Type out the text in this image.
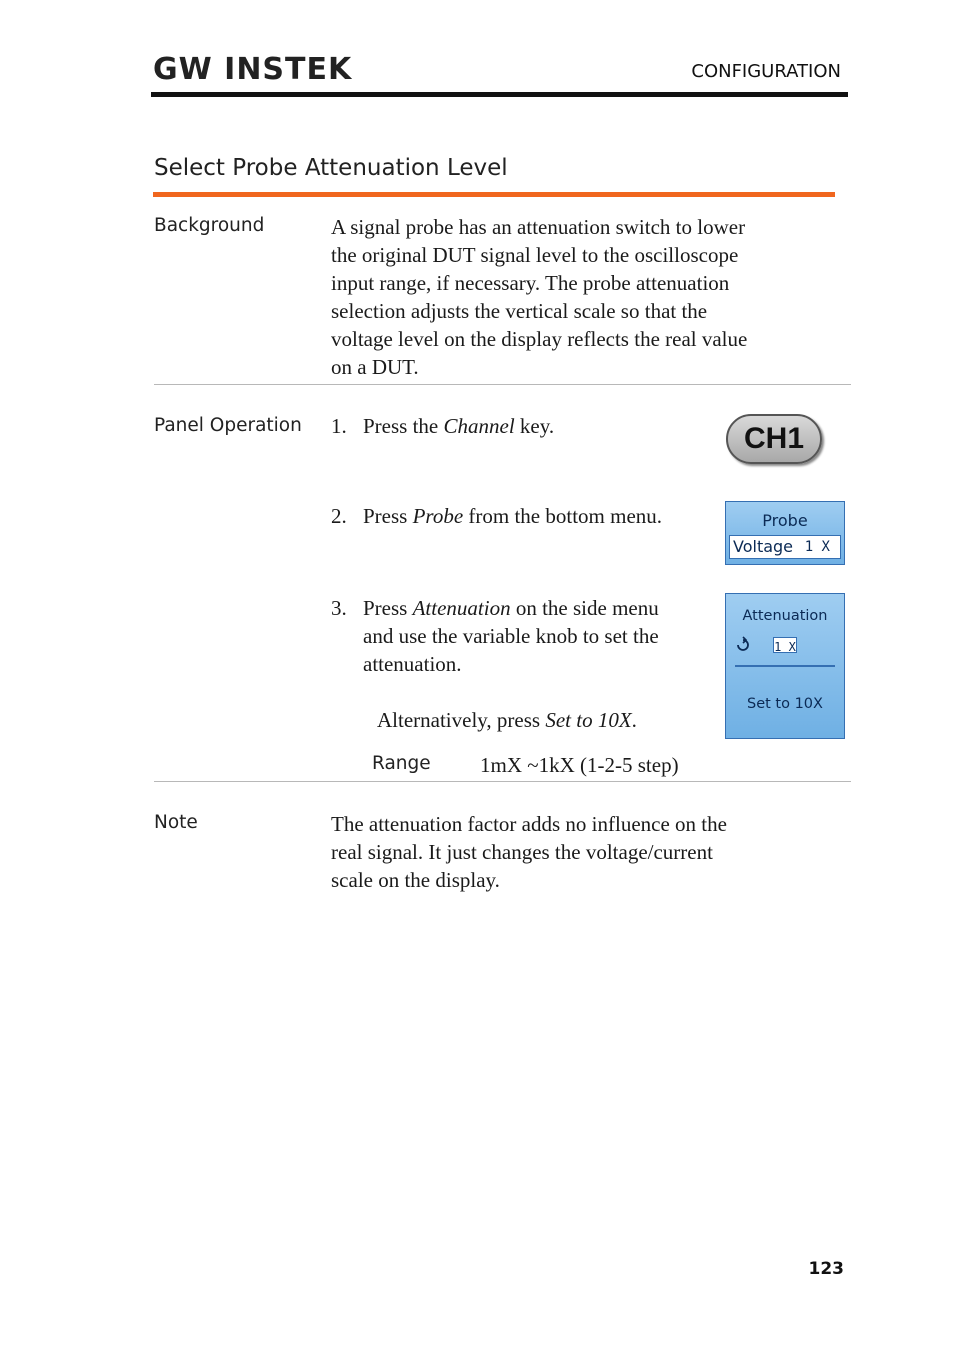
GW INSTEK	CONFIGURATION
Select Probe Attenuation Level
Background	A signal probe has an attenuation switch to lower
the original DUT signal level to the oscilloscope
input range, if necessary. The probe attenuation
selection adjusts the vertical scale so that the
voltage level on the display reflects the real value
on a DUT.
Panel Operation 1. Press the Channel key.	CH1
2. Press Probe from the bottom menu.	Probe
Voltage 1 X
3. Press Attenuation on the side menu
and use the variable knob to set the
attenuation.
Attenuation
1 X
Set to 10X
Alternatively, press Set to 10X.
Range 1mX ~1kX (1-2-5 step)
Note	The attenuation factor adds no influence on the
real signal. It just changes the voltage/current
scale on the display.
123
